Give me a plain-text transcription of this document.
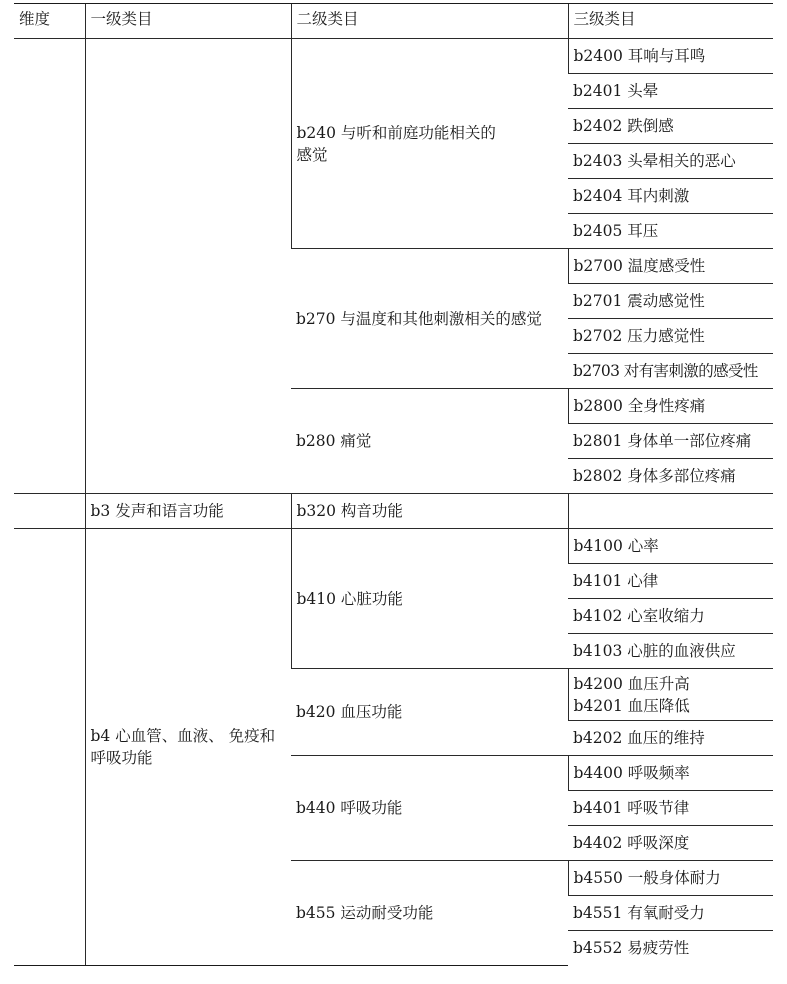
维度	一级类目	二级类目	三级类目
		b240 与听和前庭功能相关的感觉	b2400 耳响与耳鸣
			b2401 头晕
			b2402 跌倒感
			b2403 头晕相关的恶心
			b2404 耳内刺激
			b2405 耳压
		b270 与温度和其他刺激相关的感觉	b2700 温度感受性
			b2701 震动感觉性
			b2702 压力感觉性
			b2703 对有害刺激的感受性
		b280 痛觉	b2800 全身性疼痛
			b2801 身体单一部位疼痛
			b2802 身体多部位疼痛
	b3 发声和语言功能	b320 构音功能	
	b4 心血管、血液、 免疫和呼吸功能	b410 心脏功能	b4100 心率
			b4101 心律
			b4102 心室收缩力
			b4103 心脏的血液供应
		b420 血压功能	b4200 血压升高
b4201 血压降低

			b4202 血压的维持
		b440 呼吸功能	b4400 呼吸频率
			b4401 呼吸节律
			b4402 呼吸深度
		b455 运动耐受功能	b4550 一般身体耐力
			b4551 有氧耐受力
			b4552 易疲劳性
